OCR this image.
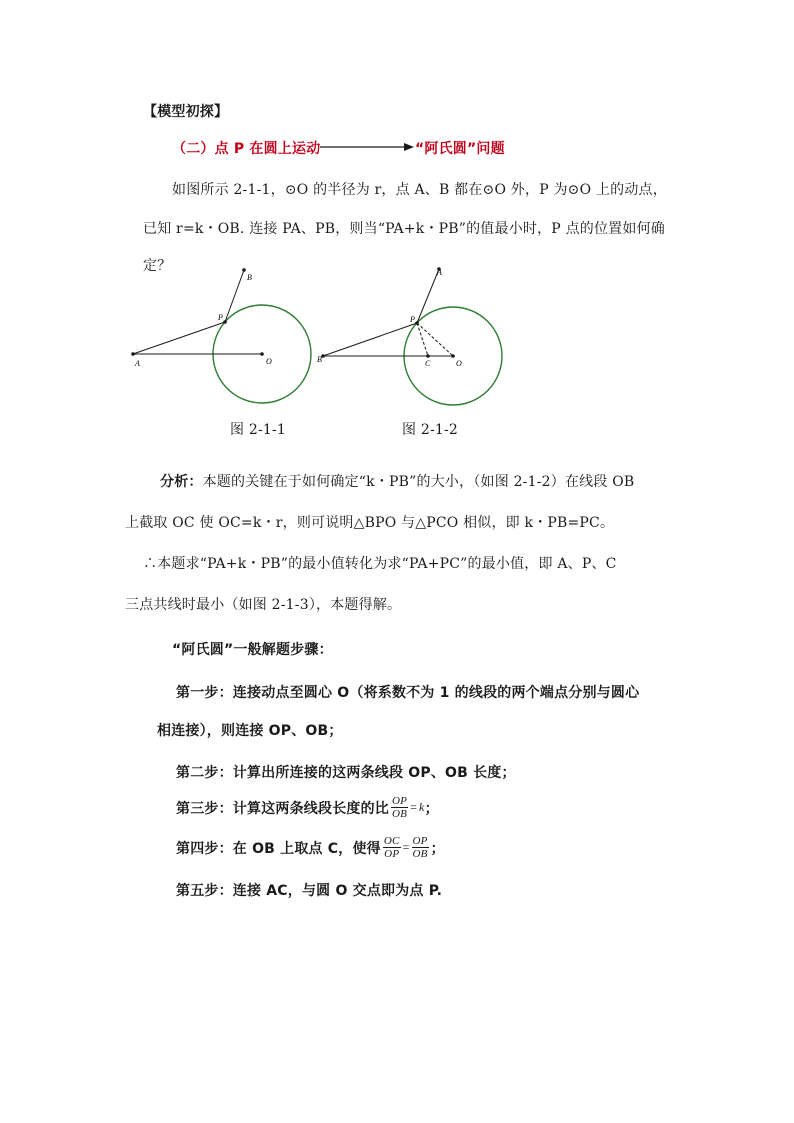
【模型初探】
（二）点 P 在圆上运动	“阿氏圆”问题
如图所示 2-1-1，⊙O 的半径为 r，点 A、B 都在⊙O 外，P 为⊙O 上的动点，
已知 r=k・OB. 连接 PA、PB，则当“PA+k・PB”的值最小时，P 点的位置如何确
定？
A
B
P
O
图 2-1-1
B
A
P
C	O
图 2-1-2
分析：本题的关键在于如何确定“k・PB”的大小，（如图 2-1-2）在线段 OB
上截取 OC 使 OC=k・r，则可说明△BPO 与△PCO 相似，即 k・PB=PC。
∴本题求“PA+k・PB”的最小值转化为求“PA+PC”的最小值，即 A、P、C
三点共线时最小（如图 2-1-3），本题得解。
“阿氏圆”一般解题步骤：
第一步：连接动点至圆心 O（将系数不为 1 的线段的两个端点分别与圆心
相连接），则连接 OP、OB；
第二步：计算出所连接的这两条线段 OP、OB 长度；
第三步：计算这两条线段长度的比 $\frac{OP}{OB} = k$ ；
第四步：在 OB 上取点 C，使得 $\frac{OC}{OP} = \frac{OP}{OB}$ ；
第五步：连接 AC，与圆 O 交点即为点 P.
